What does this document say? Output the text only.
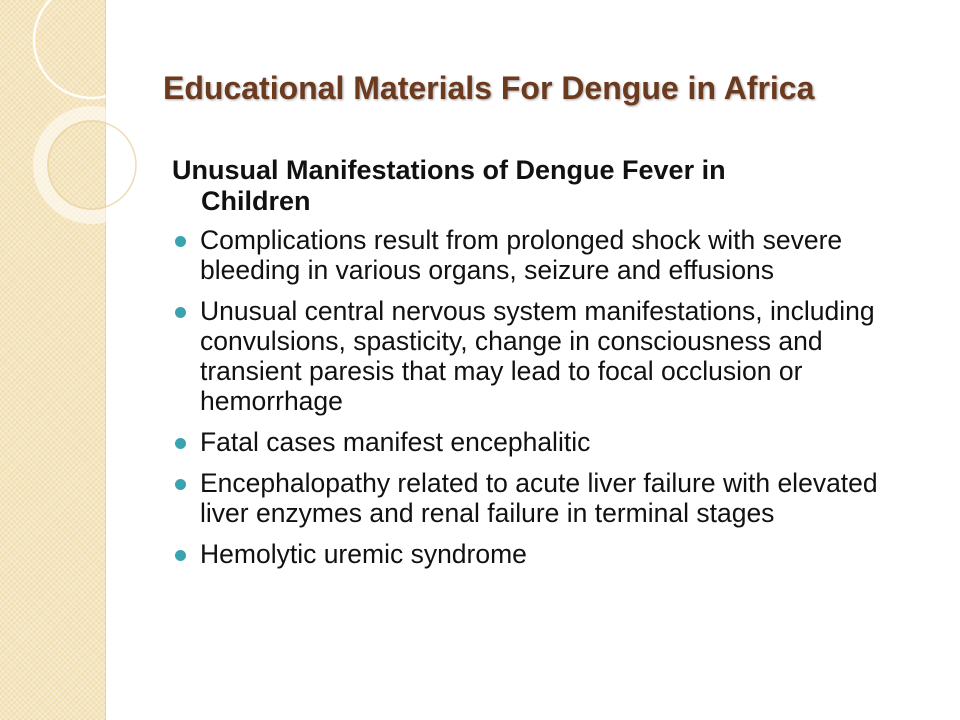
Educational Materials For Dengue in Africa

Unusual Manifestations of Dengue Fever in
Children

Complications result from prolonged shock with severe bleeding in various organs, seizure and effusions
Unusual central nervous system manifestations, including convulsions, spasticity, change in consciousness and transient paresis that may lead to focal occlusion or hemorrhage
Fatal cases manifest encephalitic
Encephalopathy related to acute liver failure with elevated liver enzymes and renal failure in terminal stages
Hemolytic uremic syndrome
